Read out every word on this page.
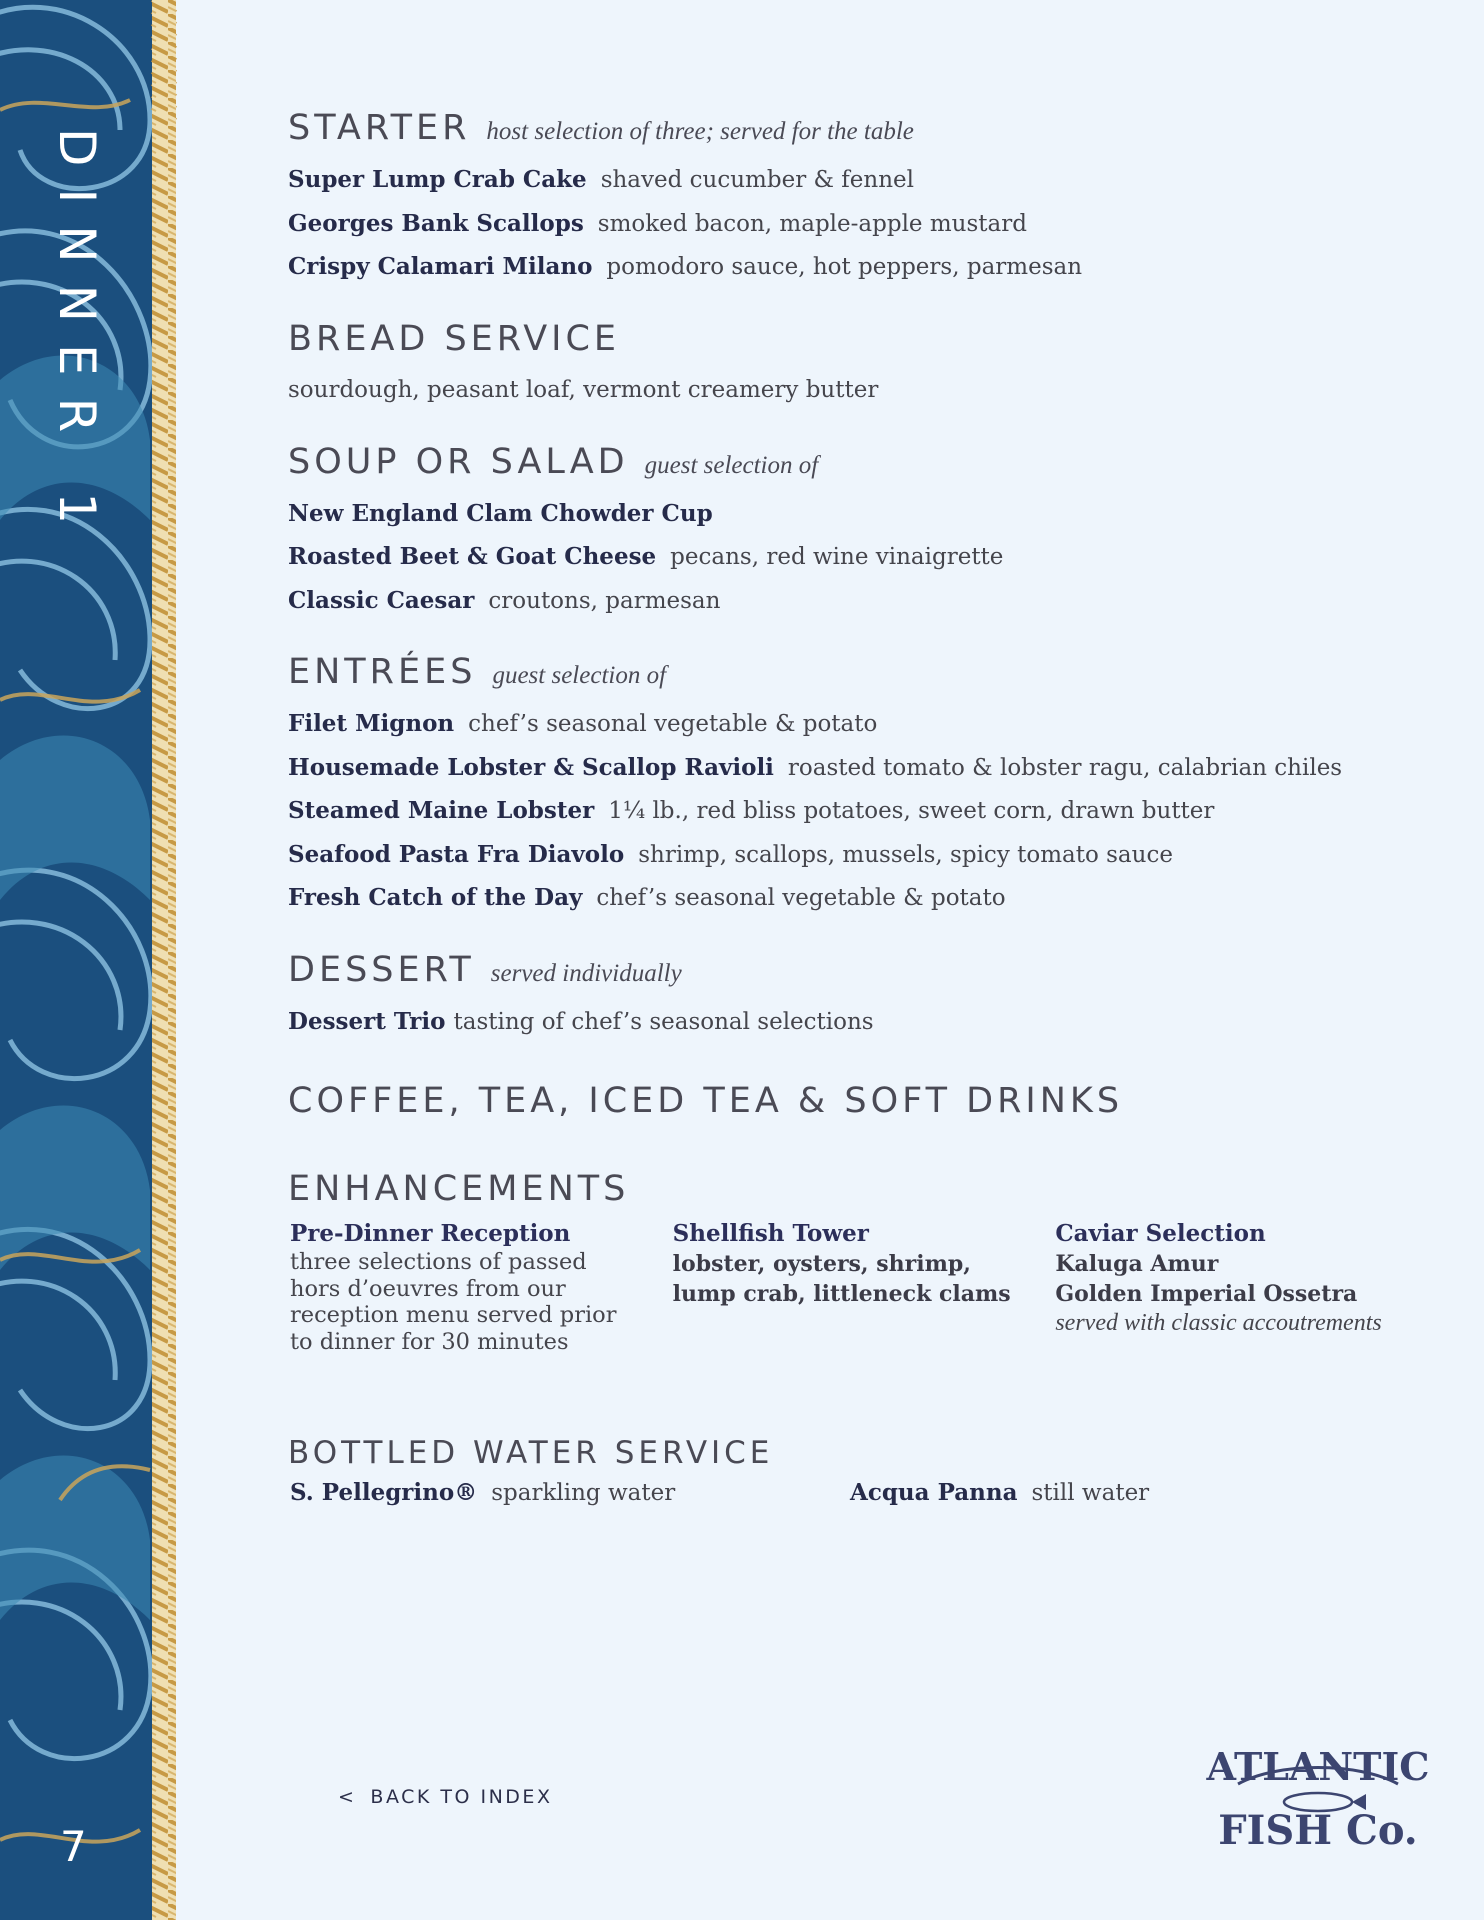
DINNER 1
7
STARTER host selection of three; served for the table
Super Lump Crab Cake shaved cucumber & fennel
Georges Bank Scallops smoked bacon, maple-apple mustard
Crispy Calamari Milano pomodoro sauce, hot peppers, parmesan
BREAD SERVICE
sourdough, peasant loaf, vermont creamery butter
SOUP OR SALAD guest selection of
New England Clam Chowder Cup
Roasted Beet & Goat Cheese pecans, red wine vinaigrette
Classic Caesar croutons, parmesan
ENTRÉES guest selection of
Filet Mignon chef’s seasonal vegetable & potato
Housemade Lobster & Scallop Ravioli roasted tomato & lobster ragu, calabrian chiles
Steamed Maine Lobster 1¼ lb., red bliss potatoes, sweet corn, drawn butter
Seafood Pasta Fra Diavolo shrimp, scallops, mussels, spicy tomato sauce
Fresh Catch of the Day chef’s seasonal vegetable & potato
DESSERT served individually
Dessert Trio tasting of chef’s seasonal selections
COFFEE, TEA, ICED TEA & SOFT DRINKS
ENHANCEMENTS
Pre-Dinner Reception
three selections of passed
hors d’oeuvres from our
reception menu served prior
to dinner for 30 minutes
Shellfish Tower
lobster, oysters, shrimp,
lump crab, littleneck clams
Caviar Selection
Kaluga Amur
Golden Imperial Ossetra
served with classic accoutrements
BOTTLED WATER SERVICE
S. Pellegrino® sparkling water	Acqua Panna still water
< BACK TO INDEX
ATLANTIC
FISH Co.
